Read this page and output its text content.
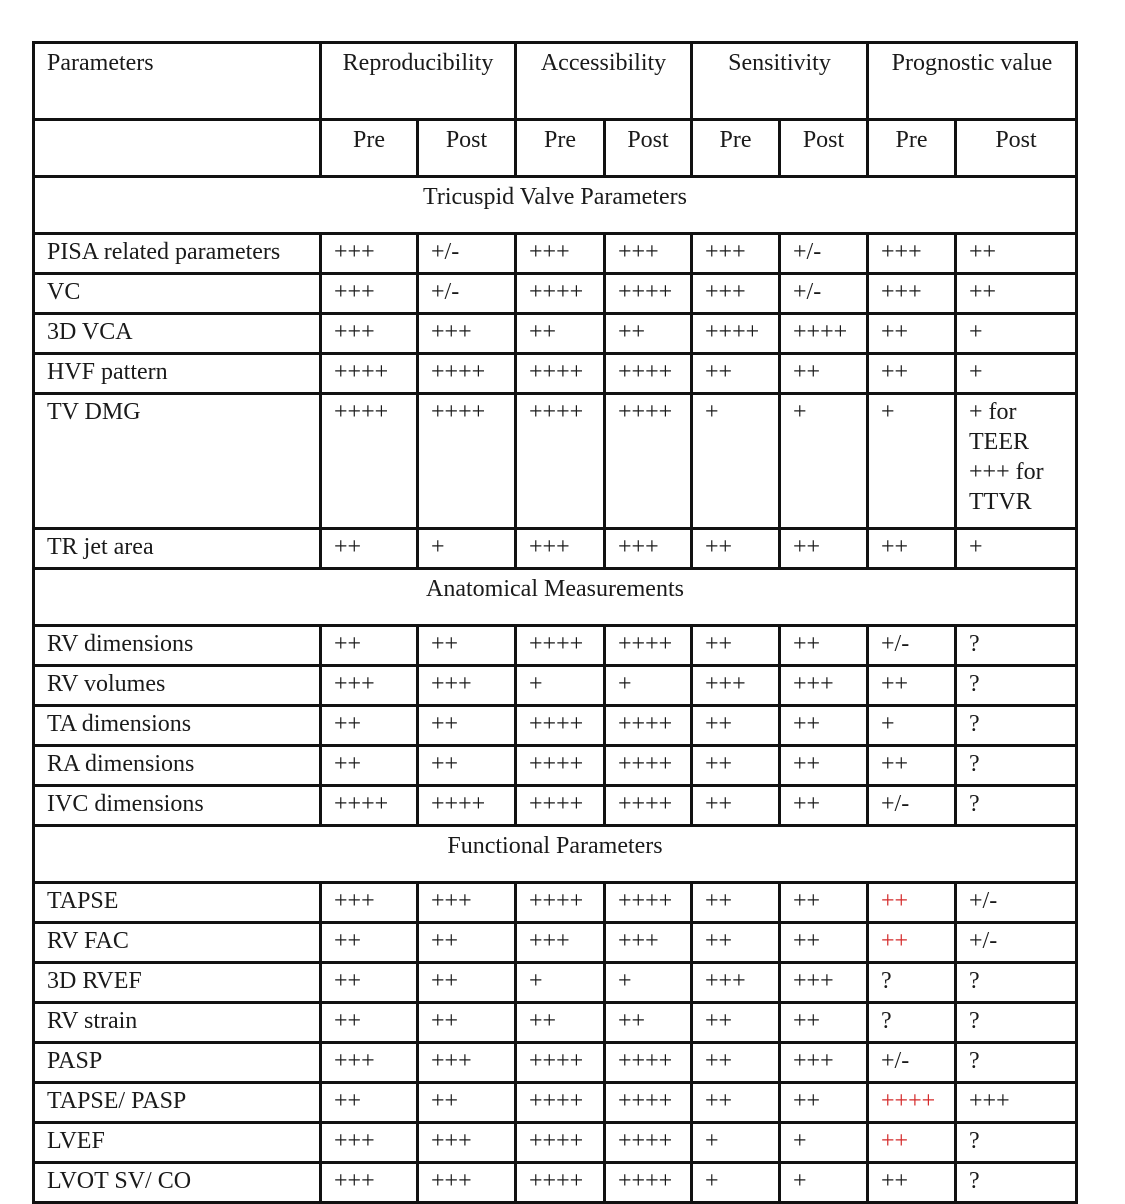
Parameters	Reproducibility		Accessibility		Sensitivity		Prognostic value	
	Pre	Post	Pre	Post	Pre	Post	Pre	Post
Tricuspid Valve Parameters								
PISA related parameters	+++	+/-	+++	+++	+++	+/-	+++	++
VC	+++	+/-	++++	++++	+++	+/-	+++	++
3D VCA	+++	+++	++	++	++++	++++	++	+
HVF pattern	++++	++++	++++	++++	++	++	++	+
TV DMG	++++	++++	++++	++++	+	+	+	+ for TEER +++ for TTVR
TR jet area	++	+	+++	+++	++	++	++	+
Anatomical Measurements								
RV dimensions	++	++	++++	++++	++	++	+/-	?
RV volumes	+++	+++	+	+	+++	+++	++	?
TA dimensions	++	++	++++	++++	++	++	+	?
RA dimensions	++	++	++++	++++	++	++	++	?
IVC dimensions	++++	++++	++++	++++	++	++	+/-	?
Functional Parameters								
TAPSE	+++	+++	++++	++++	++	++	++	+/-
RV FAC	++	++	+++	+++	++	++	++	+/-
3D RVEF	++	++	+	+	+++	+++	?	?
RV strain	++	++	++	++	++	++	?	?
PASP	+++	+++	++++	++++	++	+++	+/-	?
TAPSE/ PASP	++	++	++++	++++	++	++	++++	+++
LVEF	+++	+++	++++	++++	+	+	++	?
LVOT SV/ CO	+++	+++	++++	++++	+	+	++	?
